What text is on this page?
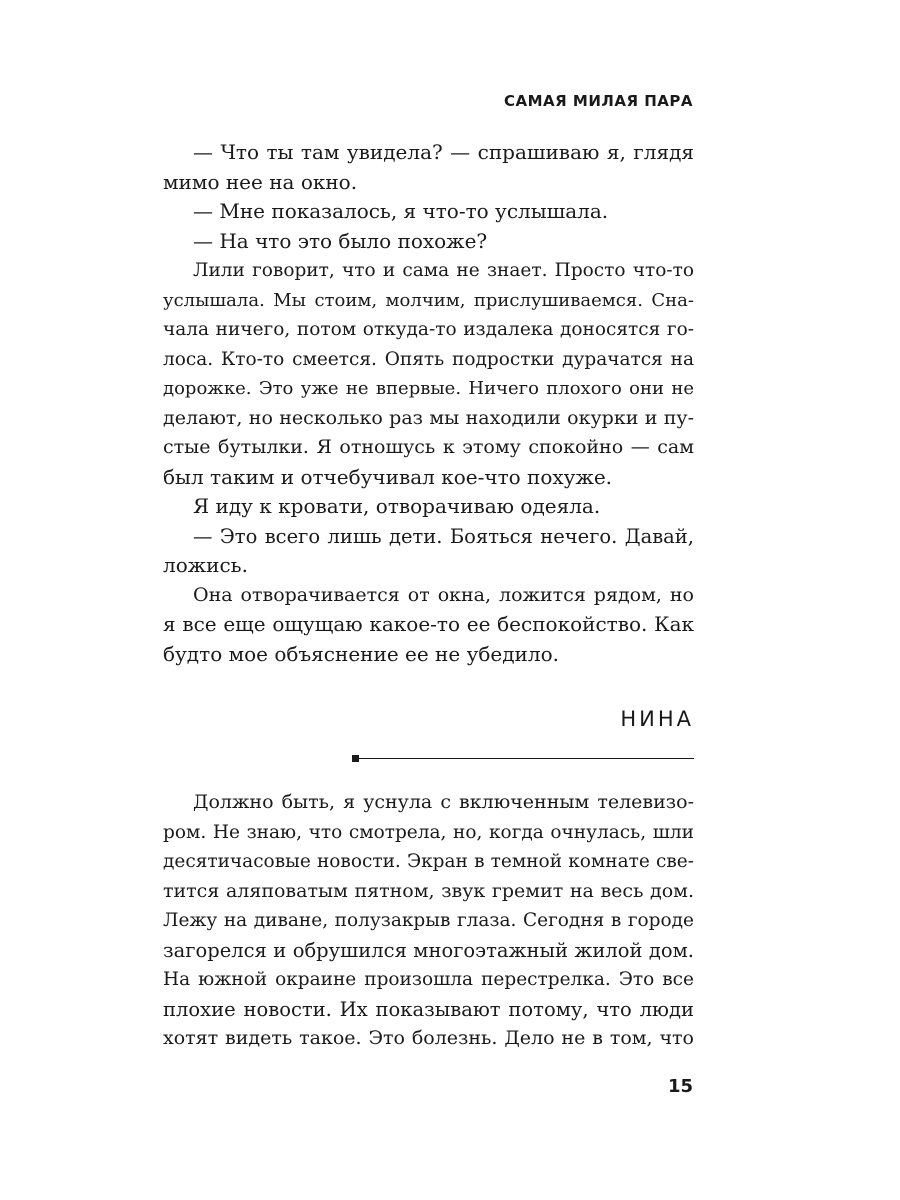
САМАЯ МИЛАЯ ПАРА
— Что ты там увидела? — спрашиваю я, глядя
мимо нее на окно.
— Мне показалось, я что-то услышала.
— На что это было похоже?
Лили говорит, что и сама не знает. Просто что-то
услышала. Мы стоим, молчим, прислушиваемся. Сна-
чала ничего, потом откуда-то издалека доносятся го-
лоса. Кто-то смеется. Опять подростки дурачатся на
дорожке. Это уже не впервые. Ничего плохого они не
делают, но несколько раз мы находили окурки и пу-
стые бутылки. Я отношусь к этому спокойно — сам
был таким и отчебучивал кое-что похуже.
Я иду к кровати, отворачиваю одеяла.
— Это всего лишь дети. Бояться нечего. Давай,
ложись.
Она отворачивается от окна, ложится рядом, но
я все еще ощущаю какое-то ее беспокойство. Как
будто мое объяснение ее не убедило.
НИНА
Должно быть, я уснула с включенным телевизо-
ром. Не знаю, что смотрела, но, когда очнулась, шли
десятичасовые новости. Экран в темной комнате све-
тится аляповатым пятном, звук гремит на весь дом.
Лежу на диване, полузакрыв глаза. Сегодня в городе
загорелся и обрушился многоэтажный жилой дом.
На южной окраине произошла перестрелка. Это все
плохие новости. Их показывают потому, что люди
хотят видеть такое. Это болезнь. Дело не в том, что
15
